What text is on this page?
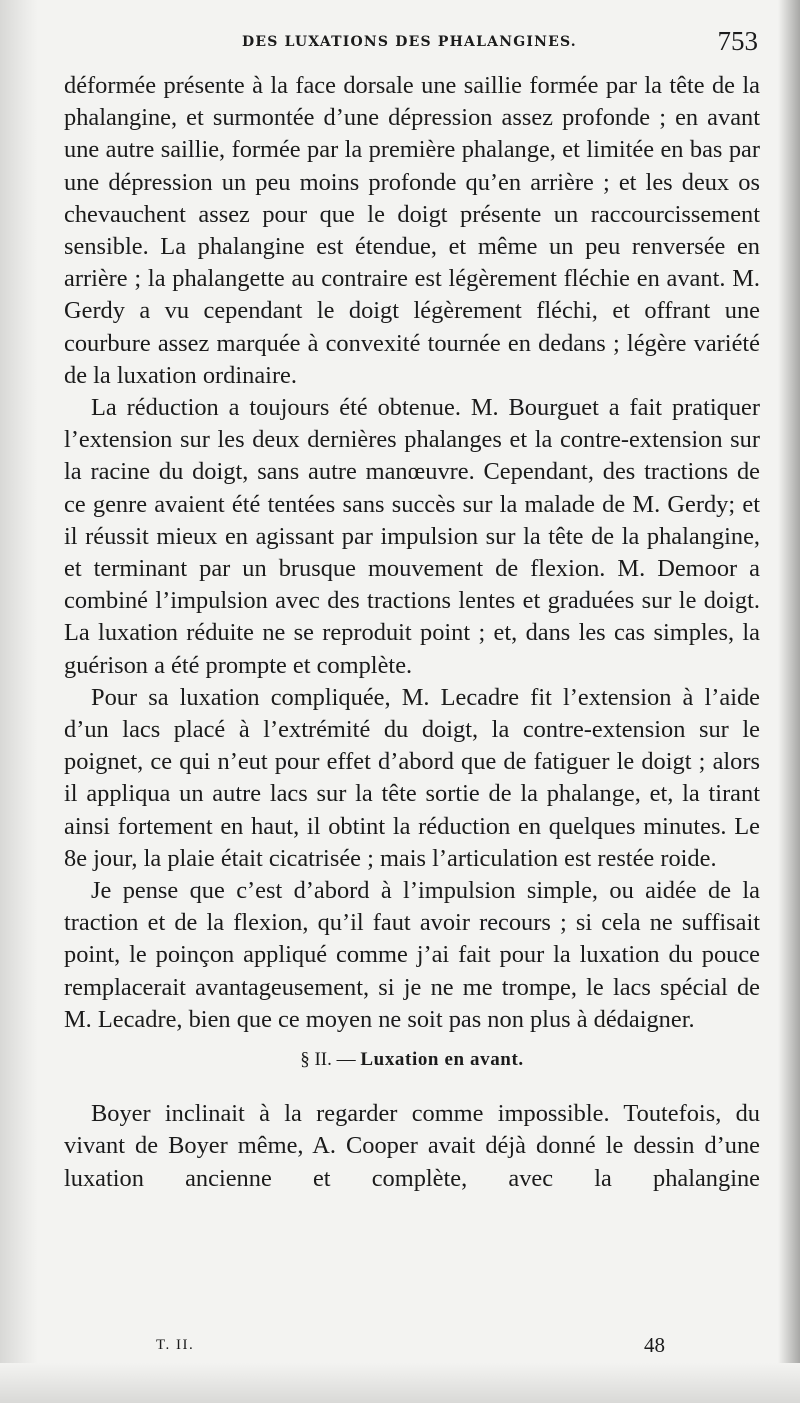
DES LUXATIONS DES PHALANGINES.	753

déformée présente à la face dorsale une saillie formée par la tête de la phalangine, et surmontée d’une dépression assez profonde ; en avant une autre saillie, formée par la première phalange, et limitée en bas par une dépression un peu moins profonde qu’en arrière ; et les deux os chevauchent assez pour que le doigt présente un raccourcissement sensible. La phalangine est étendue, et même un peu renversée en arrière ; la phalangette au contraire est légèrement fléchie en avant. M. Gerdy a vu cependant le doigt légèrement fléchi, et offrant une courbure assez marquée à convexité tournée en dedans ; légère variété de la luxation ordinaire.

La réduction a toujours été obtenue. M. Bourguet a fait pratiquer l’extension sur les deux dernières phalanges et la contre-extension sur la racine du doigt, sans autre manœuvre. Cependant, des tractions de ce genre avaient été tentées sans succès sur la malade de M. Gerdy; et il réussit mieux en agissant par impulsion sur la tête de la phalangine, et terminant par un brusque mouvement de flexion. M. Demoor a combiné l’impulsion avec des tractions lentes et graduées sur le doigt. La luxation réduite ne se reproduit point ; et, dans les cas simples, la guérison a été prompte et complète.

Pour sa luxation compliquée, M. Lecadre fit l’extension à l’aide d’un lacs placé à l’extrémité du doigt, la contre-extension sur le poignet, ce qui n’eut pour effet d’abord que de fatiguer le doigt ; alors il appliqua un autre lacs sur la tête sortie de la phalange, et, la tirant ainsi fortement en haut, il obtint la réduction en quelques minutes. Le 8e jour, la plaie était cicatrisée ; mais l’articulation est restée roide.

Je pense que c’est d’abord à l’impulsion simple, ou aidée de la traction et de la flexion, qu’il faut avoir recours ; si cela ne suffisait point, le poinçon appliqué comme j’ai fait pour la luxation du pouce remplacerait avantageusement, si je ne me trompe, le lacs spécial de M. Lecadre, bien que ce moyen ne soit pas non plus à dédaigner.

§ II. — Luxation en avant.

Boyer inclinait à la regarder comme impossible. Toutefois, du vivant de Boyer même, A. Cooper avait déjà donné le dessin d’une luxation ancienne et complète, avec la phalangine

T. II.	48
